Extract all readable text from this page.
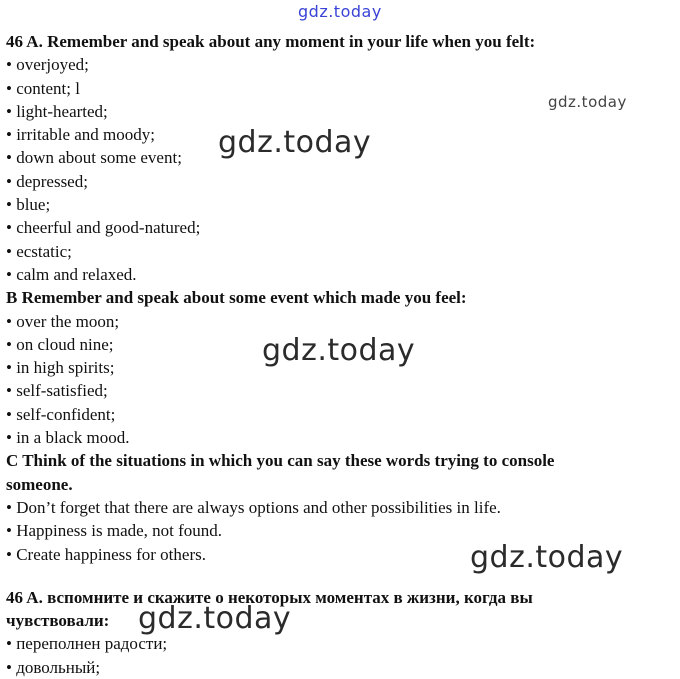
gdz.today
46 A. Remember and speak about any moment in your life when you felt:
• overjoyed;
• content; l
• light-hearted;
• irritable and moody;
• down about some event;
• depressed;
• blue;
• cheerful and good-natured;
• ecstatic;
• calm and relaxed.
B Remember and speak about some event which made you feel:
• over the moon;
• on cloud nine;
• in high spirits;
• self-satisfied;
• self-confident;
• in a black mood.
C Think of the situations in which you can say these words trying to console
someone.
• Don’t forget that there are always options and other possibilities in life.
• Happiness is made, not found.
• Create happiness for others.
46 A. вспомните и скажите о некоторых моментах в жизни, когда вы
чувствовали:
• переполнен радости;
• довольный;
gdz.today
gdz.today
gdz.today
gdz.today
gdz.today
